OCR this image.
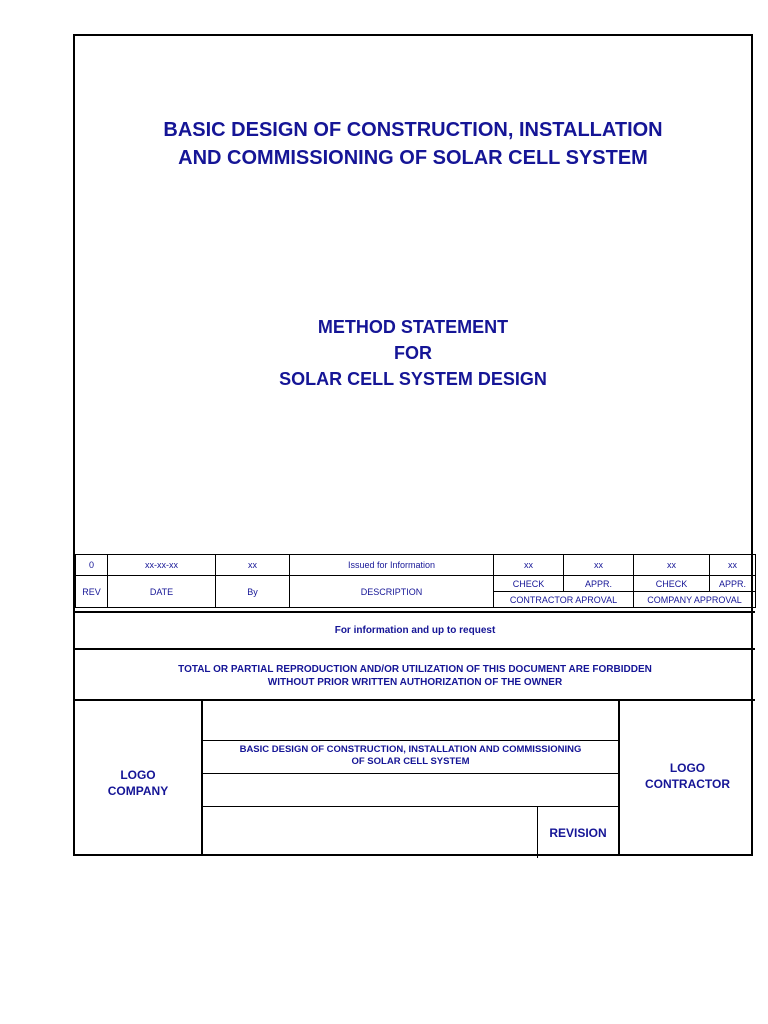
BASIC DESIGN OF CONSTRUCTION, INSTALLATION
AND COMMISSIONING OF SOLAR CELL SYSTEM
METHOD STATEMENT
FOR
SOLAR CELL SYSTEM DESIGN
0	xx-xx-xx	xx	Issued for Information	xx	xx	xx	xx
REV	DATE	By	DESCRIPTION	CHECK	APPR.	CHECK	APPR.
				CONTRACTOR APROVAL		COMPANY APPROVAL	
For information and up to request
TOTAL OR PARTIAL REPRODUCTION AND/OR UTILIZATION OF THIS DOCUMENT ARE FORBIDDEN
WITHOUT PRIOR WRITTEN AUTHORIZATION OF THE OWNER
LOGO
COMPANY
BASIC DESIGN OF CONSTRUCTION, INSTALLATION AND COMMISSIONING
OF SOLAR CELL SYSTEM
REVISION
LOGO
CONTRACTOR
